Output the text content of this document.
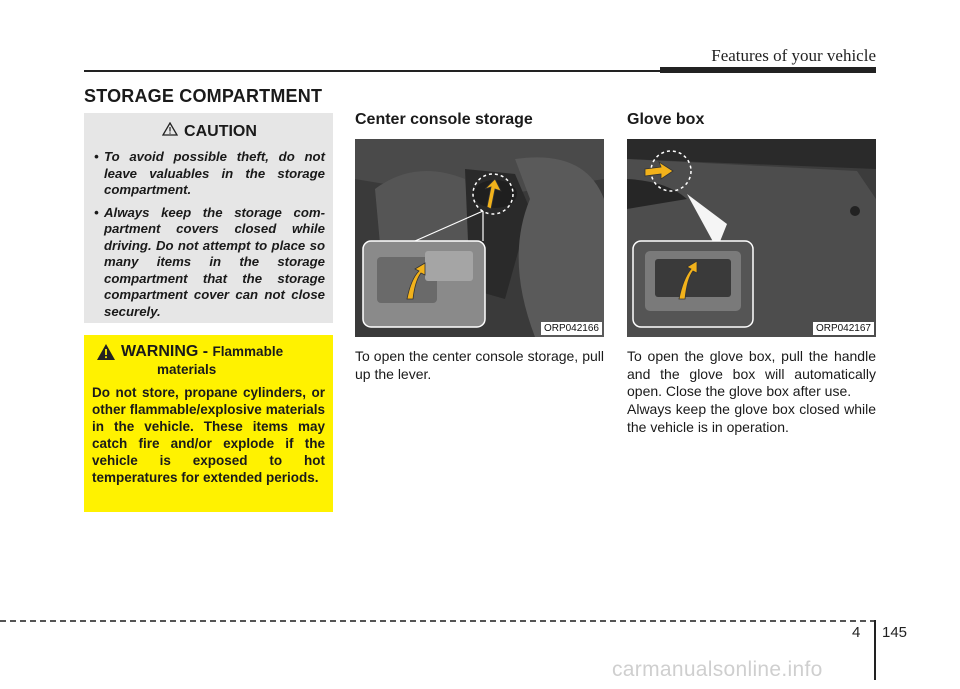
Features of your vehicle
STORAGE COMPARTMENT
CAUTION
• To avoid possible theft, do not leave valuables in the storage compartment.
• Always keep the storage com- partment covers closed while driving. Do not attempt to place so many items in the storage compartment that the storage compartment cover can not close securely.
WARNING - Flammable
materials
Do not store, propane cylinders, or other flammable/explosive materials in the vehicle. These items may catch fire and/or explode if the vehicle is exposed to hot temperatures for extended periods.
Center console storage
ORP042166
To open the center console storage, pull up the lever.
Glove box
ORP042167
To open the glove box, pull the handle and the glove box will automatically open. Close the glove box after use.
Always keep the glove box closed while the vehicle is in operation.
4 145
carmanualsonline.info
